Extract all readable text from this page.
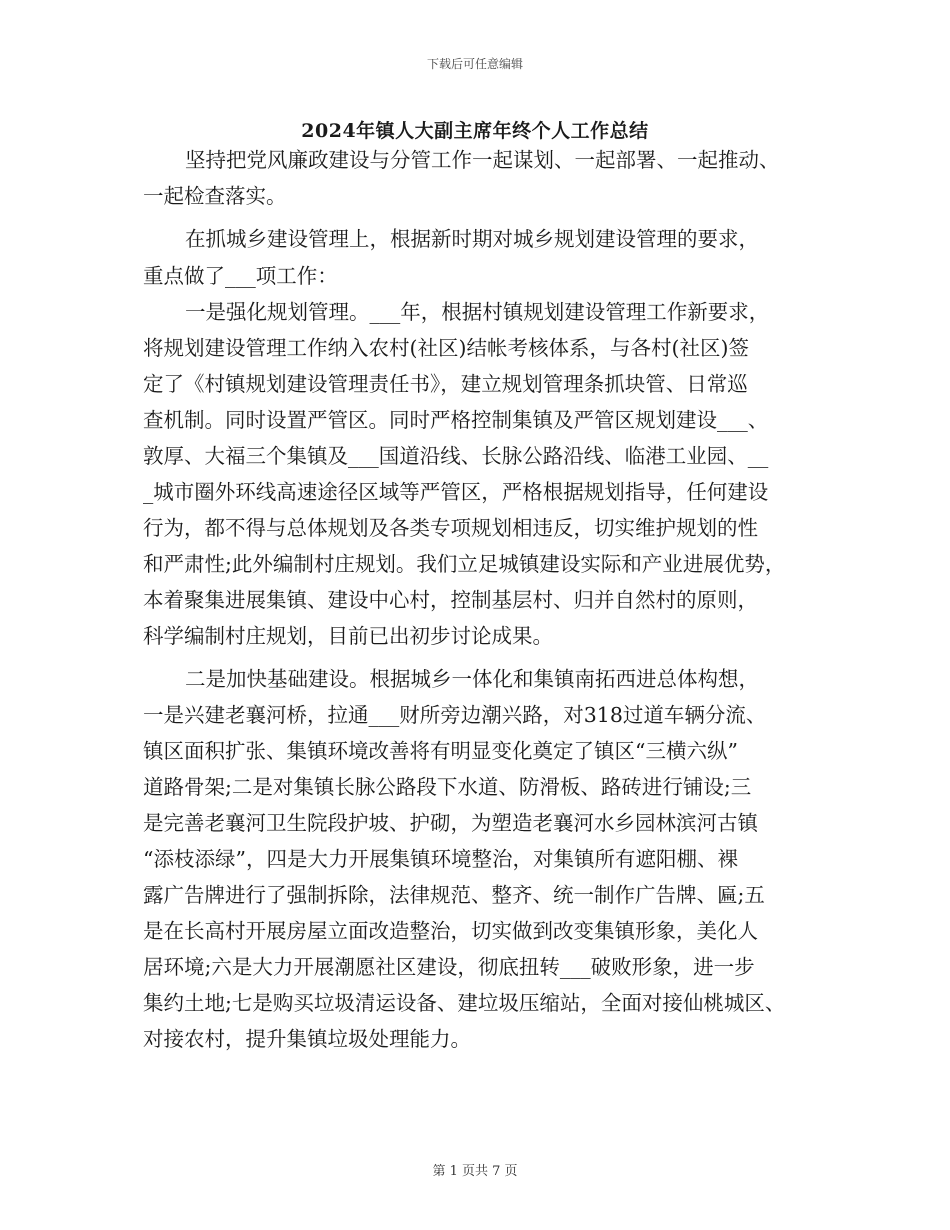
下载后可任意编辑
2024年镇人大副主席年终个人工作总结
坚持把党风廉政建设与分管工作一起谋划、一起部署、一起推动、
一起检查落实。
在抓城乡建设管理上，根据新时期对城乡规划建设管理的要求，
重点做了___项工作：
一是强化规划管理。___年，根据村镇规划建设管理工作新要求，
将规划建设管理工作纳入农村(社区)结帐考核体系，与各村(社区)签
定了《村镇规划建设管理责任书》，建立规划管理条抓块管、日常巡
查机制。同时设置严管区。同时严格控制集镇及严管区规划建设___、
敦厚、大福三个集镇及___国道沿线、长脉公路沿线、临港工业园、__
_城市圈外环线高速途径区域等严管区，严格根据规划指导，任何建设
行为，都不得与总体规划及各类专项规划相违反，切实维护规划的性
和严肃性;此外编制村庄规划。我们立足城镇建设实际和产业进展优势，
本着聚集进展集镇、建设中心村，控制基层村、归并自然村的原则，
科学编制村庄规划，目前已出初步讨论成果。
二是加快基础建设。根据城乡一体化和集镇南拓西进总体构想，
一是兴建老襄河桥，拉通___财所旁边潮兴路，对318过道车辆分流、
镇区面积扩张、集镇环境改善将有明显变化奠定了镇区“三横六纵”
道路骨架;二是对集镇长脉公路段下水道、防滑板、路砖进行铺设;三
是完善老襄河卫生院段护坡、护砌，为塑造老襄河水乡园林滨河古镇
“添枝添绿”，四是大力开展集镇环境整治，对集镇所有遮阳棚、裸
露广告牌进行了强制拆除，法律规范、整齐、统一制作广告牌、匾;五
是在长高村开展房屋立面改造整治，切实做到改变集镇形象，美化人
居环境;六是大力开展潮愿社区建设，彻底扭转___破败形象，进一步
集约土地;七是购买垃圾清运设备、建垃圾压缩站，全面对接仙桃城区、
对接农村，提升集镇垃圾处理能力。
第 1 页共 7 页
